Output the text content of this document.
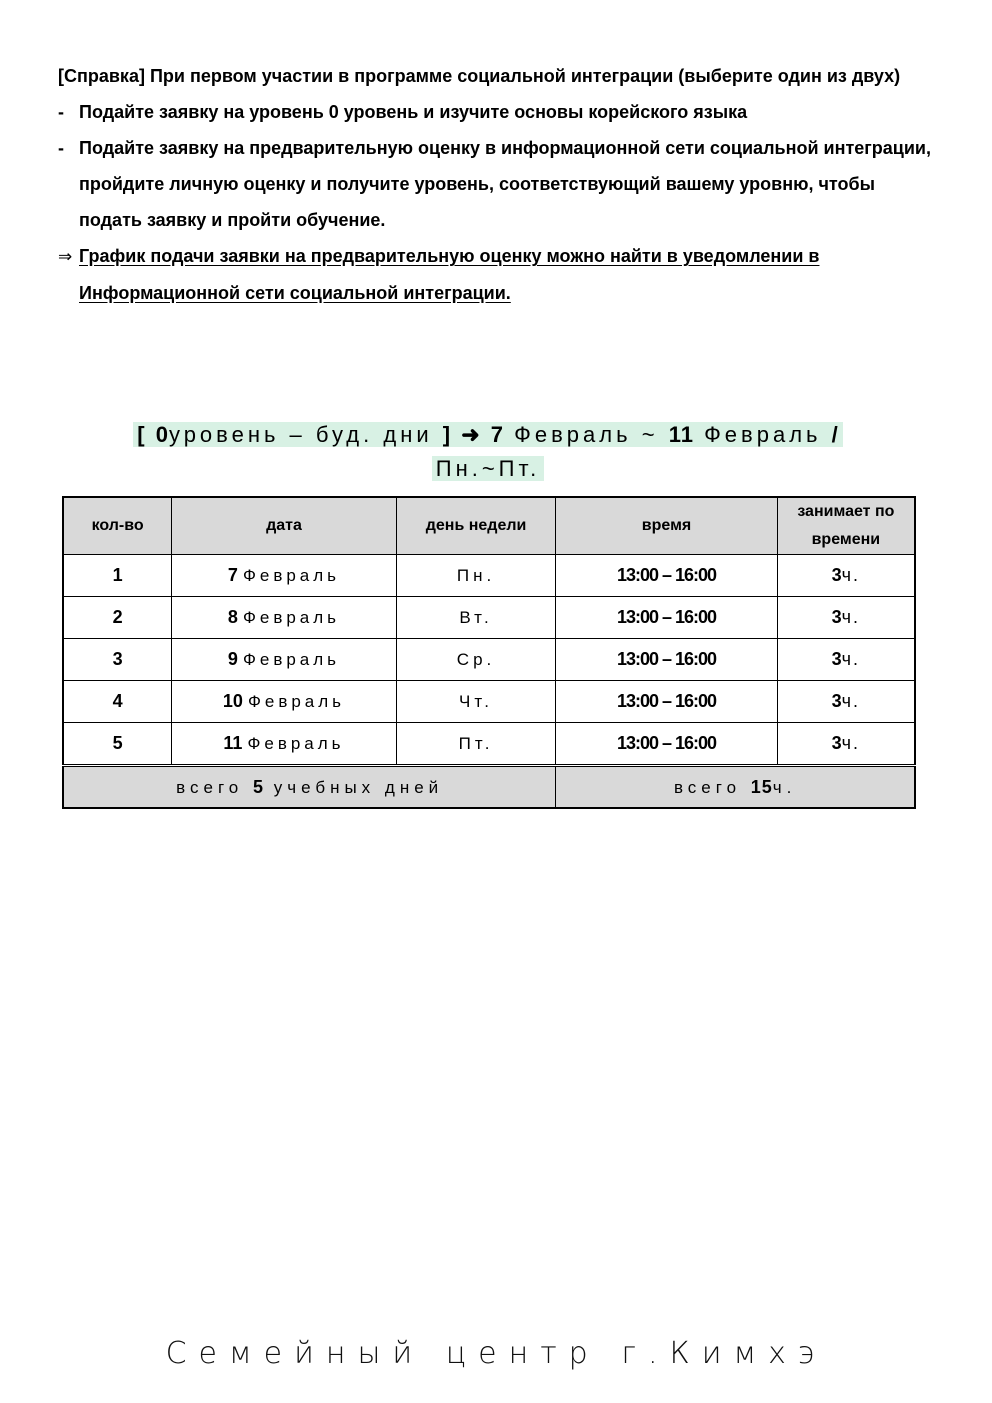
[Справка] При первом участии в программе социальной интеграции (выберите один из двух)

- Подайте заявку на уровень 0 уровень и изучите основы корейского языка

- Подайте заявку на предварительную оценку в информационной сети социальной интеграции, пройдите личную оценку и получите уровень, соответствующий вашему уровню, чтобы подать заявку и пройти обучение.

⇒ График подачи заявки на предварительную оценку можно найти в уведомлении в Информационной сети социальной интеграции.

[ 0уровень – буд. дни ] ➜ 7 Февраль ~ 11 Февраль /
Пн.~Пт.
кол-во	дата	день недели	время	занимает по времени
1	7 Февраль	Пн.	13:00 – 16:00	3ч.
2	8 Февраль	Вт.	13:00 – 16:00	3ч.
3	9 Февраль	Ср.	13:00 – 16:00	3ч.
4	10 Февраль	Чт.	13:00 – 16:00	3ч.
5	11 Февраль	Пт.	13:00 – 16:00	3ч.
всего 5 учебных дней			всего 15ч.	
Семейный центр г.Кимхэ
